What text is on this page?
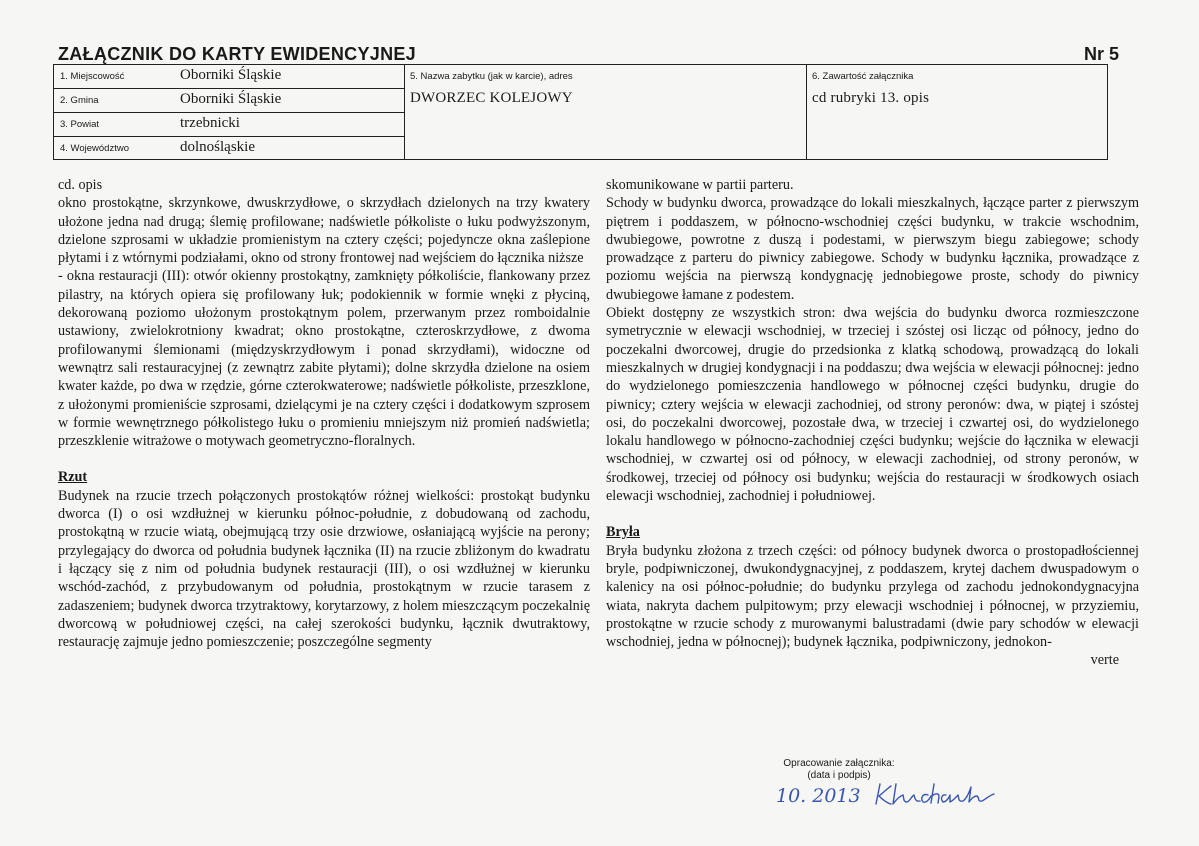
ZAŁĄCZNIK DO KARTY EWIDENCYJNEJ	Nr 5
1. Miejscowość	Oborniki Śląskie
2. Gmina	Oborniki Śląskie
3. Powiat	trzebnicki
4. Województwo	dolnośląskie
5. Nazwa zabytku (jak w karcie), adres
DWORZEC KOLEJOWY
6. Zawartość załącznika
cd rubryki 13. opis

cd. opis

okno prostokątne, skrzynkowe, dwuskrzydłowe, o skrzydłach dzielonych na trzy kwatery ułożone jedna nad drugą; ślemię profilowane; nadświetle półkoliste o łuku podwyższonym, dzielone szprosami w układzie promienistym na cztery części; pojedyncze okna zaślepione płytami i z wtórnymi podziałami, okno od strony frontowej nad wejściem do łącznika niższe

- okna restauracji (III): otwór okienny prostokątny, zamknięty półkoliście, flankowany przez pilastry, na których opiera się profilowany łuk; podokiennik w formie wnęki z płyciną, dekorowaną poziomo ułożonym prostokątnym polem, przerwanym przez romboidalnie ustawiony, zwielokrotniony kwadrat; okno prostokątne, czteroskrzydłowe, z dwoma profilowanymi ślemionami (międzyskrzydłowym i ponad skrzydłami), widoczne od wewnątrz sali restauracyjnej (z zewnątrz zabite płytami); dolne skrzydła dzielone na osiem kwater każde, po dwa w rzędzie, górne czterokwaterowe; nadświetle półkoliste, przeszklone, z ułożonymi promieniście szprosami, dzielącymi je na cztery części i dodatkowym szprosem w formie wewnętrznego półkolistego łuku o promieniu mniejszym niż promień nadświetla; przeszklenie witrażowe o motywach geometryczno-floralnych.

Rzut

Budynek na rzucie trzech połączonych prostokątów różnej wielkości: prostokąt budynku dworca (I) o osi wzdłużnej w kierunku północ-południe, z dobudowaną od zachodu, prostokątną w rzucie wiatą, obejmującą trzy osie drzwiowe, osłaniającą wyjście na perony; przylegający do dworca od południa budynek łącznika (II) na rzucie zbliżonym do kwadratu i łączący się z nim od południa budynek restauracji (III), o osi wzdłużnej w kierunku wschód-zachód, z przybudowanym od południa, prostokątnym w rzucie tarasem z zadaszeniem; budynek dworca trzytraktowy, korytarzowy, z holem mieszczącym poczekalnię dworcową w południowej części, na całej szerokości budynku, łącznik dwutraktowy, restaurację zajmuje jedno pomieszczenie; poszczególne segmenty

skomunikowane w partii parteru.

Schody w budynku dworca, prowadzące do lokali mieszkalnych, łączące parter z pierwszym piętrem i poddaszem, w północno-wschodniej części budynku, w trakcie wschodnim, dwubiegowe, powrotne z duszą i podestami, w pierwszym biegu zabiegowe; schody prowadzące z parteru do piwnicy zabiegowe. Schody w budynku łącznika, prowadzące z poziomu wejścia na pierwszą kondygnację jednobiegowe proste, schody do piwnicy dwubiegowe łamane z podestem.

Obiekt dostępny ze wszystkich stron: dwa wejścia do budynku dworca rozmieszczone symetrycznie w elewacji wschodniej, w trzeciej i szóstej osi licząc od północy, jedno do poczekalni dworcowej, drugie do przedsionka z klatką schodową, prowadzącą do lokali mieszkalnych w drugiej kondygnacji i na poddaszu; dwa wejścia w elewacji północnej: jedno do wydzielonego pomieszczenia handlowego w północnej części budynku, drugie do piwnicy; cztery wejścia w elewacji zachodniej, od strony peronów: dwa, w piątej i szóstej osi, do poczekalni dworcowej, pozostałe dwa, w trzeciej i czwartej osi, do wydzielonego lokalu handlowego w północno-zachodniej części budynku; wejście do łącznika w elewacji wschodniej, w czwartej osi od północy, w elewacji zachodniej, od strony peronów, w środkowej, trzeciej od północy osi budynku; wejścia do restauracji w środkowych osiach elewacji wschodniej, zachodniej i południowej.

Bryła

Bryła budynku złożona z trzech części: od północy budynek dworca o prostopadłościennej bryle, podpiwniczonej, dwukondygnacyjnej, z poddaszem, krytej dachem dwuspadowym o kalenicy na osi północ-południe; do budynku przylega od zachodu jednokondygnacyjna wiata, nakryta dachem pulpitowym; przy elewacji wschodniej i północnej, w przyziemiu, prostokątne w rzucie schody z murowanymi balustradami (dwie pary schodów w elewacji wschodniej, jedna w północnej); budynek łącznika, podpiwniczony, jednokon-

verte

Opracowanie załącznika:
(data i podpis)
10. 2013
